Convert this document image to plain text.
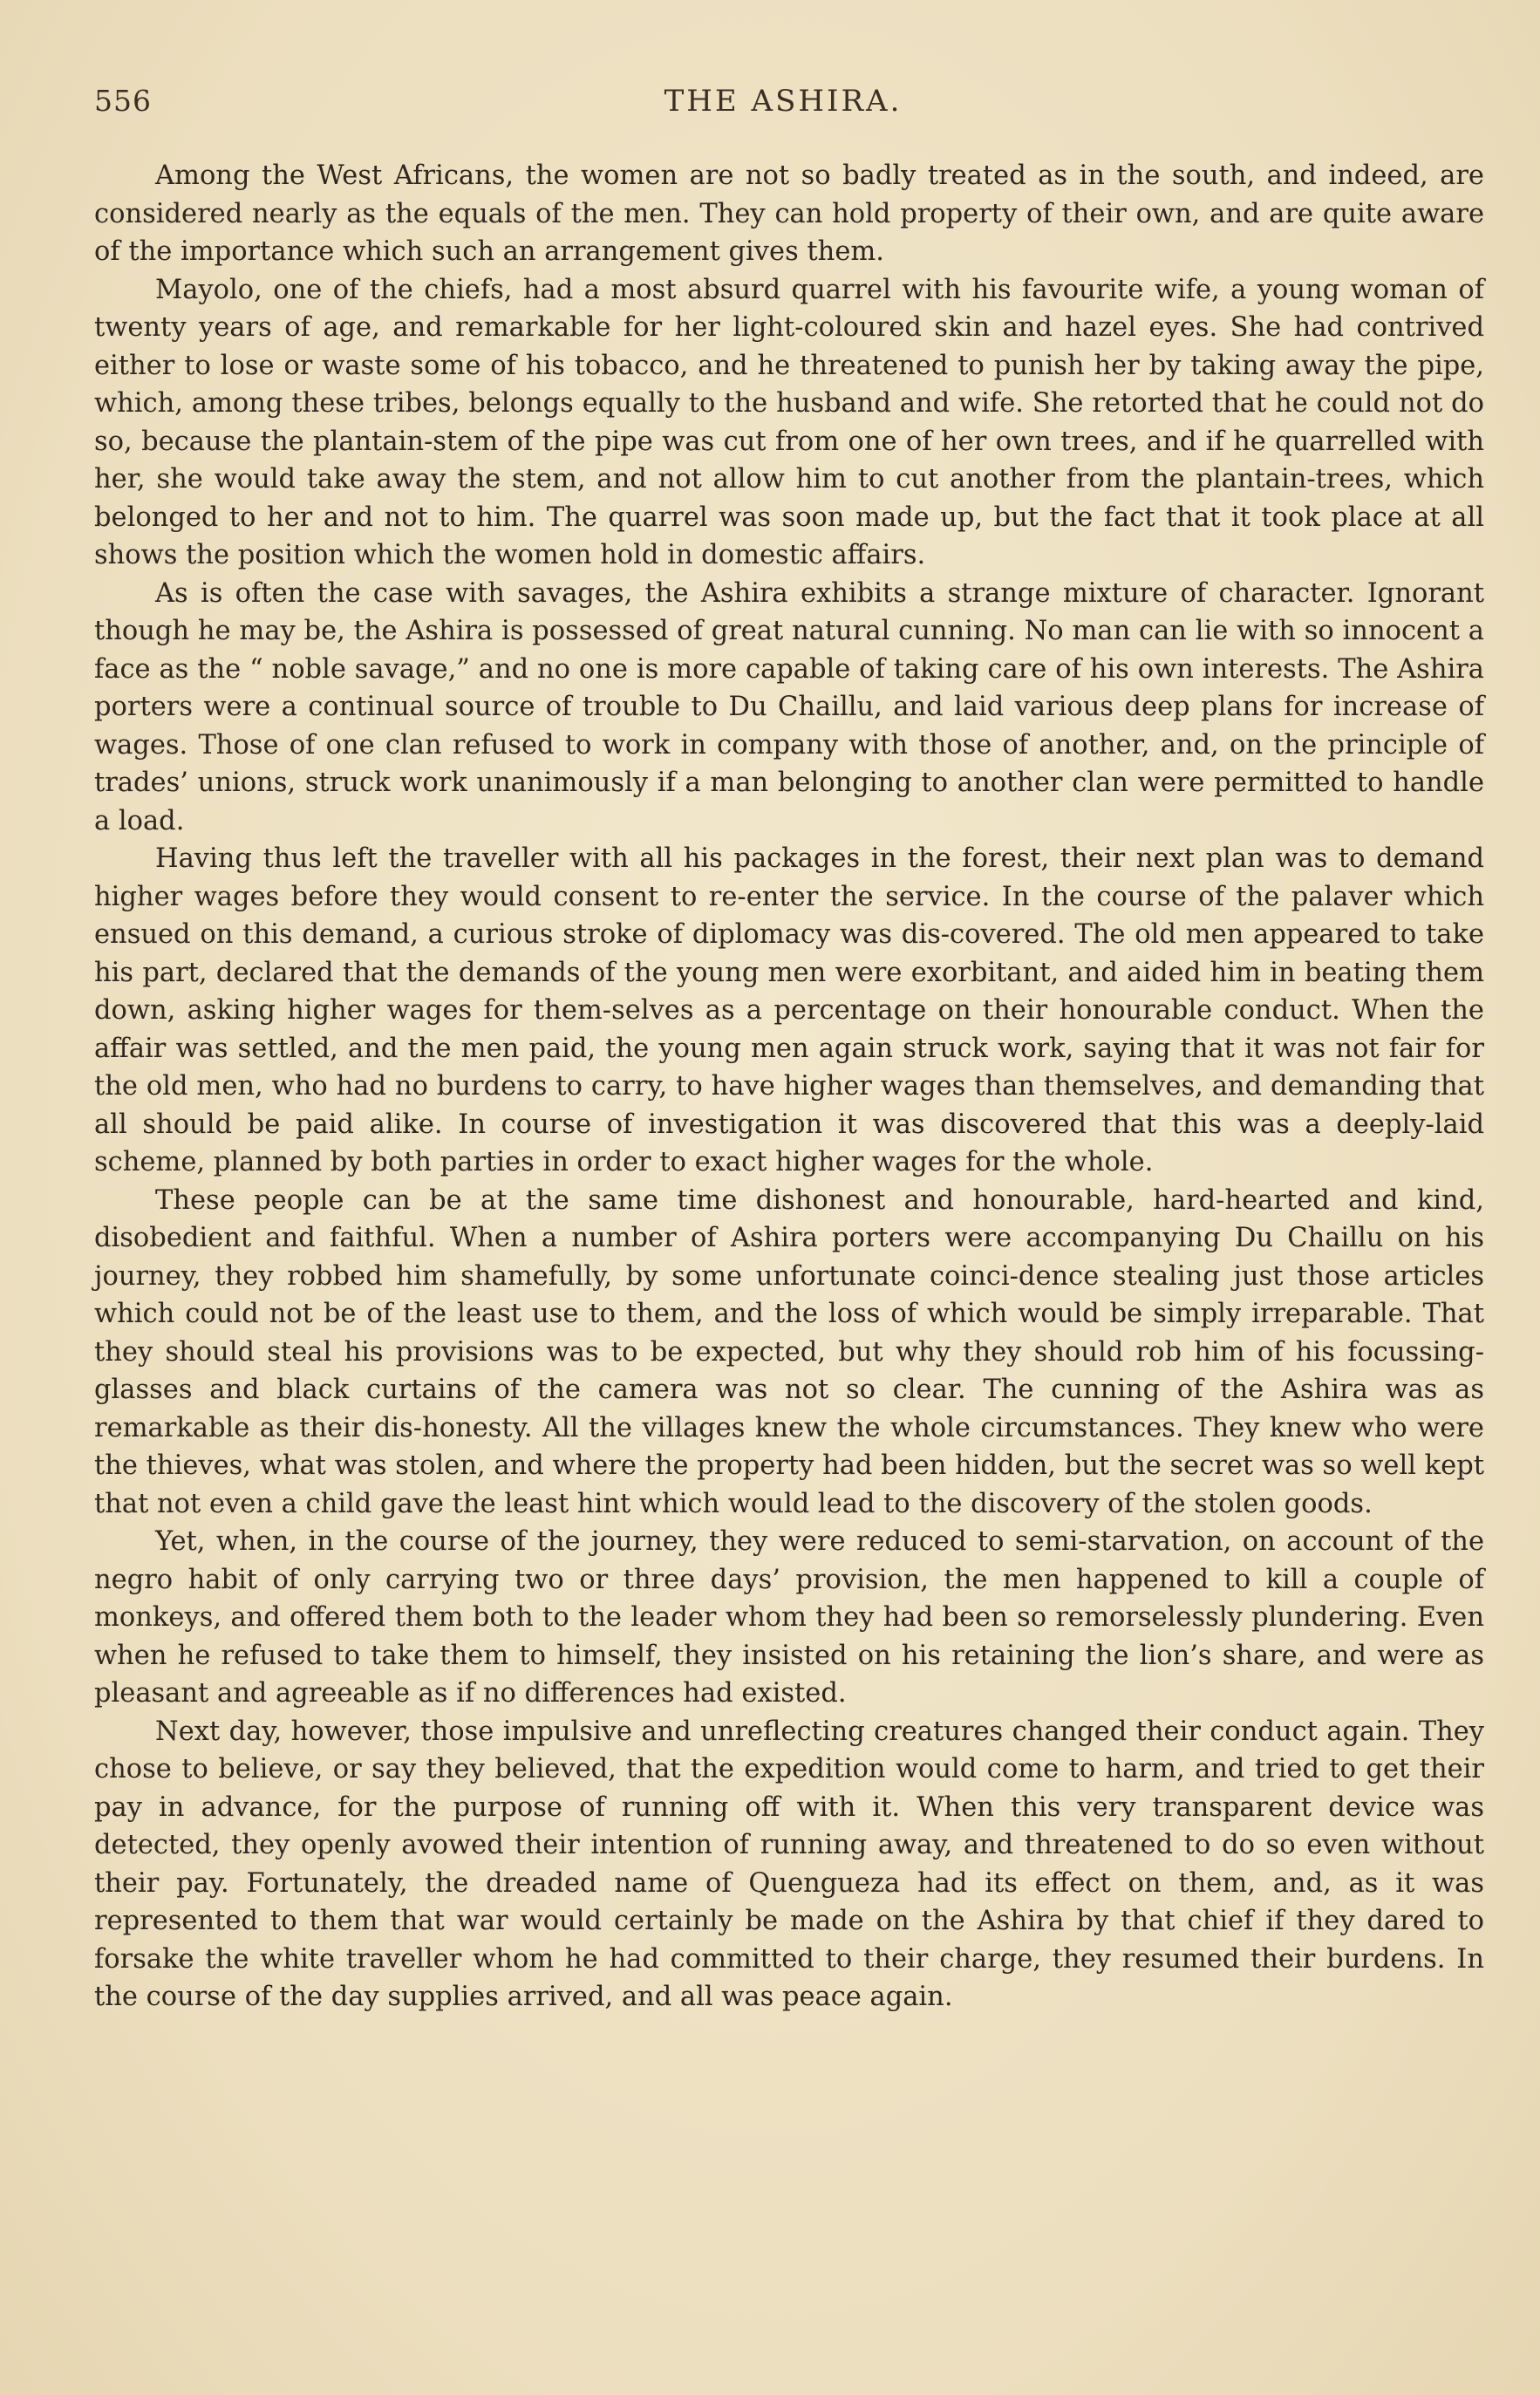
556	THE ASHIRA.

Among the West Africans, the women are not so badly treated as in the south, and indeed, are considered nearly as the equals of the men. They can hold property of their own, and are quite aware of the importance which such an arrangement gives them.

Mayolo, one of the chiefs, had a most absurd quarrel with his favourite wife, a young woman of twenty years of age, and remarkable for her light-coloured skin and hazel eyes. She had contrived either to lose or waste some of his tobacco, and he threatened to punish her by taking away the pipe, which, among these tribes, belongs equally to the husband and wife. She retorted that he could not do so, because the plantain-stem of the pipe was cut from one of her own trees, and if he quarrelled with her, she would take away the stem, and not allow him to cut another from the plantain-trees, which belonged to her and not to him. The quarrel was soon made up, but the fact that it took place at all shows the position which the women hold in domestic affairs.

As is often the case with savages, the Ashira exhibits a strange mixture of character. Ignorant though he may be, the Ashira is possessed of great natural cunning. No man can lie with so innocent a face as the “ noble savage,” and no one is more capable of taking care of his own interests. The Ashira porters were a continual source of trouble to Du Chaillu, and laid various deep plans for increase of wages. Those of one clan refused to work in company with those of another, and, on the principle of trades’ unions, struck work unanimously if a man belonging to another clan were permitted to handle a load.

Having thus left the traveller with all his packages in the forest, their next plan was to demand higher wages before they would consent to re-enter the service. In the course of the palaver which ensued on this demand, a curious stroke of diplomacy was dis-covered. The old men appeared to take his part, declared that the demands of the young men were exorbitant, and aided him in beating them down, asking higher wages for them-selves as a percentage on their honourable conduct. When the affair was settled, and the men paid, the young men again struck work, saying that it was not fair for the old men, who had no burdens to carry, to have higher wages than themselves, and demanding that all should be paid alike. In course of investigation it was discovered that this was a deeply-laid scheme, planned by both parties in order to exact higher wages for the whole.

These people can be at the same time dishonest and honourable, hard-hearted and kind, disobedient and faithful. When a number of Ashira porters were accompanying Du Chaillu on his journey, they robbed him shamefully, by some unfortunate coinci-dence stealing just those articles which could not be of the least use to them, and the loss of which would be simply irreparable. That they should steal his provisions was to be expected, but why they should rob him of his focussing-glasses and black curtains of the camera was not so clear. The cunning of the Ashira was as remarkable as their dis-honesty. All the villages knew the whole circumstances. They knew who were the thieves, what was stolen, and where the property had been hidden, but the secret was so well kept that not even a child gave the least hint which would lead to the discovery of the stolen goods.

Yet, when, in the course of the journey, they were reduced to semi-starvation, on account of the negro habit of only carrying two or three days’ provision, the men happened to kill a couple of monkeys, and offered them both to the leader whom they had been so remorselessly plundering. Even when he refused to take them to himself, they insisted on his retaining the lion’s share, and were as pleasant and agreeable as if no differences had existed.

Next day, however, those impulsive and unreflecting creatures changed their conduct again. They chose to believe, or say they believed, that the expedition would come to harm, and tried to get their pay in advance, for the purpose of running off with it. When this very transparent device was detected, they openly avowed their intention of running away, and threatened to do so even without their pay. Fortunately, the dreaded name of Quengueza had its effect on them, and, as it was represented to them that war would certainly be made on the Ashira by that chief if they dared to forsake the white traveller whom he had committed to their charge, they resumed their burdens. In the course of the day supplies arrived, and all was peace again.
